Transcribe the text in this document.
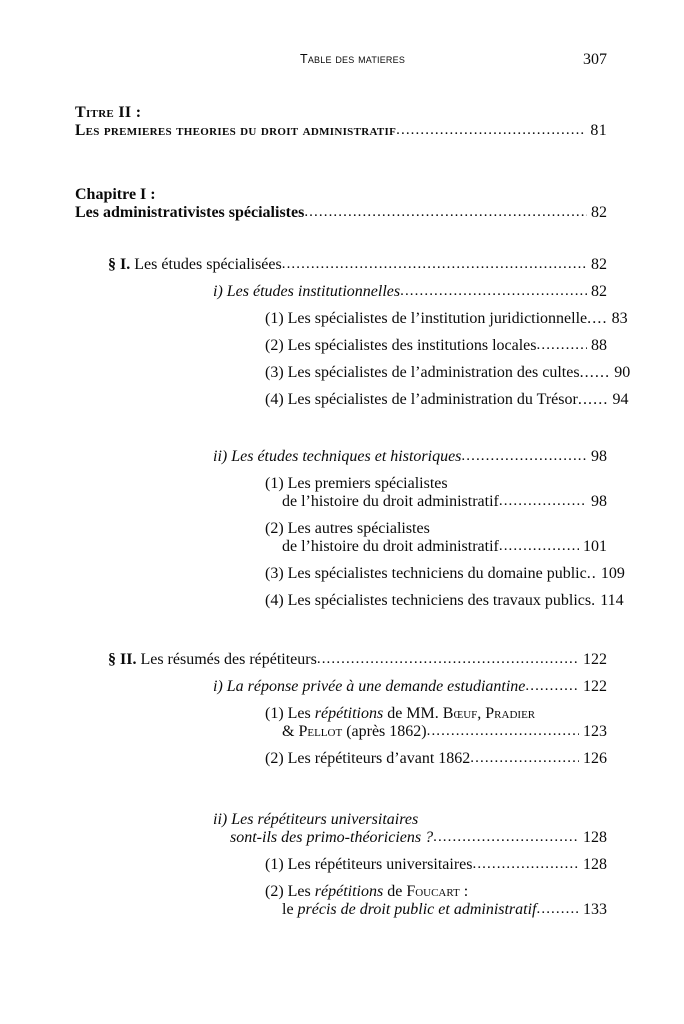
Table des matieres	307
Titre II :
Les premieres theories du droit administratif .....	81
Chapitre I :
Les administrativistes spécialistes .....	82
§ I. Les études spécialisées .....	82
i) Les études institutionnelles .....	82
(1) Les spécialistes de l’institution juridictionnelle .... 83
(2) Les spécialistes des institutions locales .....	88
(3) Les spécialistes de l’administration des cultes ...... 90
(4) Les spécialistes de l’administration du Trésor ...... 94
ii) Les études techniques et historiques .....	98
(1) Les premiers spécialistes
de l’histoire du droit administratif .....	98
(2) Les autres spécialistes
de l’histoire du droit administratif .....	101
(3) Les spécialistes techniciens du domaine public .. 109
(4) Les spécialistes techniciens des travaux publics . 114
§ II. Les résumés des répétiteurs .....	122
i) La réponse privée à une demande estudiantine .....	122
(1) Les répétitions de MM. Bœuf, Pradier
& Pellot (après 1862) .....	123
(2) Les répétiteurs d’avant 1862 .....	126
ii) Les répétiteurs universitaires
sont-ils des primo-théoriciens ? .....	128
(1) Les répétiteurs universitaires .....	128
(2) Les répétitions de Foucart :
le précis de droit public et administratif .....	133
